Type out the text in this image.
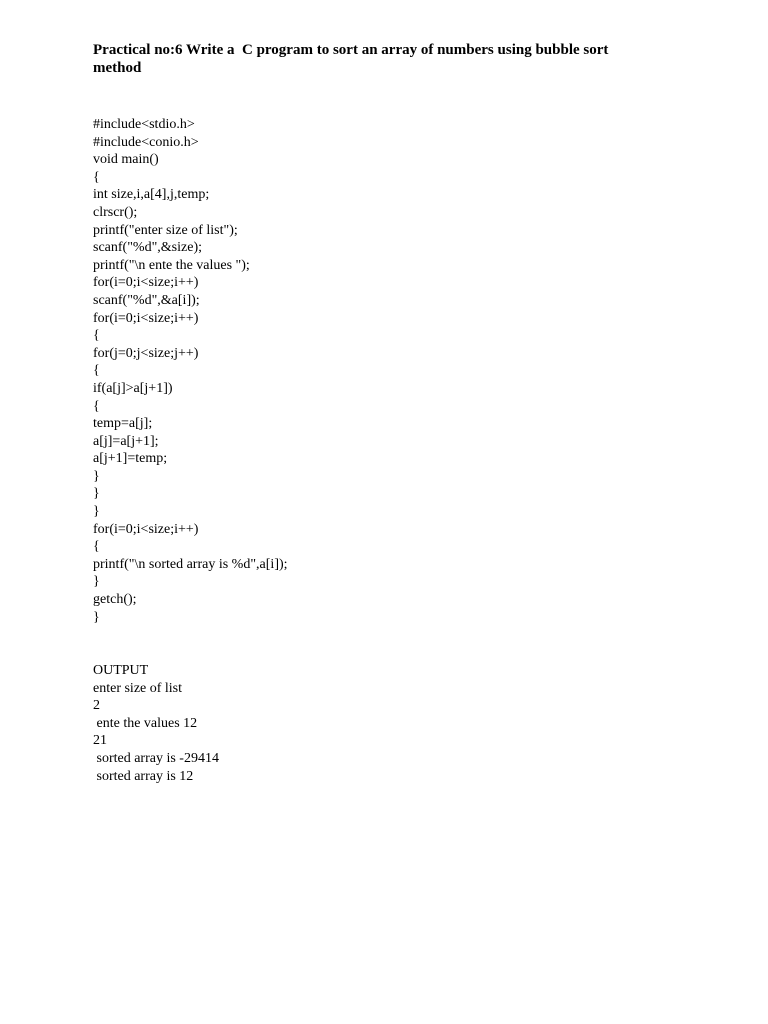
Practical no:6 Write a  C program to sort an array of numbers using bubble sort method
#include<stdio.h>
#include<conio.h>
void main()
{
int size,i,a[4],j,temp;
clrscr();
printf("enter size of list");
scanf("%d",&size);
printf("\n ente the values ");
for(i=0;i<size;i++)
scanf("%d",&a[i]);
for(i=0;i<size;i++)
{
for(j=0;j<size;j++)
{
if(a[j]>a[j+1])
{
temp=a[j];
a[j]=a[j+1];
a[j+1]=temp;
}
}
}
for(i=0;i<size;i++)
{
printf("\n sorted array is %d",a[i]);
}
getch();
}
OUTPUT
enter size of list
2
ente the values 12
21
sorted array is -29414
sorted array is 12
